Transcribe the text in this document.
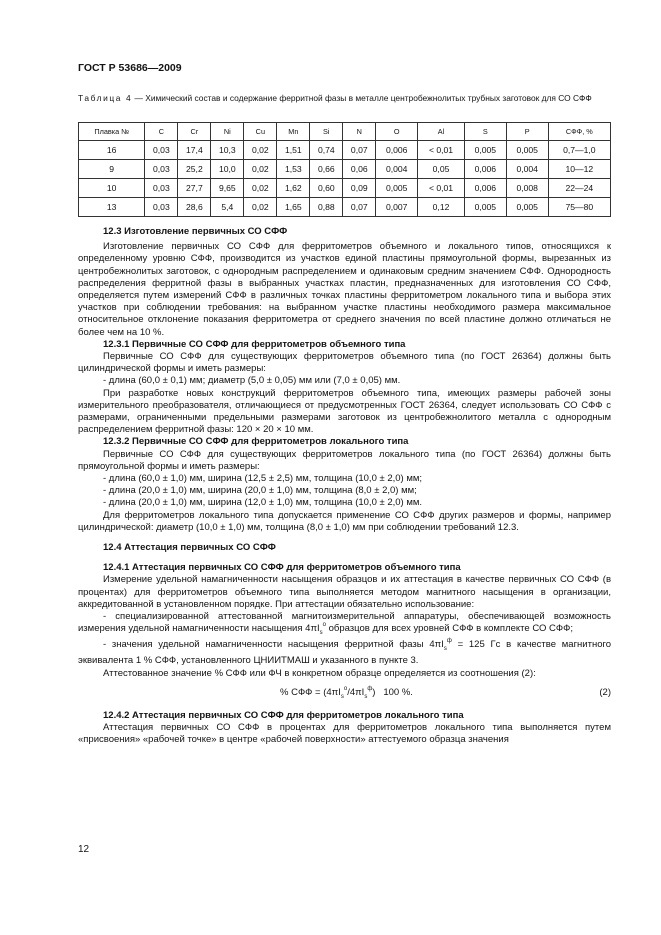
ГОСТ Р 53686—2009
Таблица 4 — Химический состав и содержание ферритной фазы в металле центробежнолитых трубных заготовок для СО СФФ
Плавка №	C	Cr	Ni	Cu	Mn	Si	N	O	Al	S	P	СФФ, %
16	0,03	17,4	10,3	0,02	1,51	0,74	0,07	0,006	< 0,01	0,005	0,005	0,7—1,0
9	0,03	25,2	10,0	0,02	1,53	0,66	0,06	0,004	0,05	0,006	0,004	10—12
10	0,03	27,7	9,65	0,02	1,62	0,60	0,09	0,005	< 0,01	0,006	0,008	22—24
13	0,03	28,6	5,4	0,02	1,65	0,88	0,07	0,007	0,12	0,005	0,005	75—80

12.3 Изготовление первичных СО СФФ

Изготовление первичных СО СФФ для ферритометров объемного и локального типов, относящихся к определенному уровню СФФ, производится из участков единой пластины прямоугольной формы, вырезанных из центробежнолитых заготовок, с однородным распределением и одинаковым средним значением СФФ. Однородность распределения ферритной фазы в выбранных участках пластин, предназначенных для изготовления СО СФФ, определяется путем измерений СФФ в различных точках пластины ферритометром локального типа и выбора этих участков при соблюдении требования: на выбранном участке пластины необходимого размера максимальное относительное отклонение показания ферритометра от среднего значения по всей пластине должно отличаться не более чем на 10 %.

12.3.1 Первичные СО СФФ для ферритометров объемного типа

Первичные СО СФФ для существующих ферритометров объемного типа (по ГОСТ 26364) должны быть цилиндрической формы и иметь размеры:

- длина (60,0 ± 0,1) мм; диаметр (5,0 ± 0,05) мм или (7,0 ± 0,05) мм.

При разработке новых конструкций ферритометров объемного типа, имеющих размеры рабочей зоны измерительного преобразователя, отличающиеся от предусмотренных ГОСТ 26364, следует использовать СО СФФ с размерами, ограниченными предельными размерами заготовок из центробежнолитого металла с однородным распределением ферритной фазы: 120 × 20 × 10 мм.

12.3.2 Первичные СО СФФ для ферритометров локального типа

Первичные СО СФФ для существующих ферритометров локального типа (по ГОСТ 26364) должны быть прямоугольной формы и иметь размеры:

- длина (60,0 ± 1,0) мм, ширина (12,5 ± 2,5) мм, толщина (10,0 ± 2,0) мм;

- длина (20,0 ± 1,0) мм, ширина (20,0 ± 1,0) мм, толщина (8,0 ± 2,0) мм;

- длина (20,0 ± 1,0) мм, ширина (12,0 ± 1,0) мм, толщина (10,0 ± 2,0) мм.

Для ферритометров локального типа допускается применение СО СФФ других размеров и формы, например цилиндрической: диаметр (10,0 ± 1,0) мм, толщина (8,0 ± 1,0) мм при соблюдении требований 12.3.

12.4 Аттестация первичных СО СФФ

12.4.1 Аттестация первичных СО СФФ для ферритометров объемного типа

Измерение удельной намагниченности насыщения образцов и их аттестация в качестве первичных СО СФФ (в процентах) для ферритометров объемного типа выполняется методом магнитного насыщения в организации, аккредитованной в установленном порядке. При аттестации обязательно использование:

- специализированной аттестованной магнитоизмерительной аппаратуры, обеспечивающей возможность измерения удельной намагниченности насыщения $4\pi I_s^о$ образцов для всех уровней СФФ в комплекте СО СФФ;

- значения удельной намагниченности насыщения ферритной фазы $4\pi I_s^ф = 125$ Гс в качестве магнитного эквивалента 1 % СФФ, установленного ЦНИИТМАШ и указанного в пункте 3.

Аттестованное значение % СФФ или ФЧ в конкретном образце определяется из соотношения (2):

% СФФ = $(4\pi I_s^о/4\pi I_s^ф)$   100 %.	(2)

12.4.2 Аттестация первичных СО СФФ для ферритометров локального типа

Аттестация первичных СО СФФ в процентах для ферритометров локального типа выполняется путем «присвоения» «рабочей точке» в центре «рабочей поверхности» аттестуемого образца значения

12
